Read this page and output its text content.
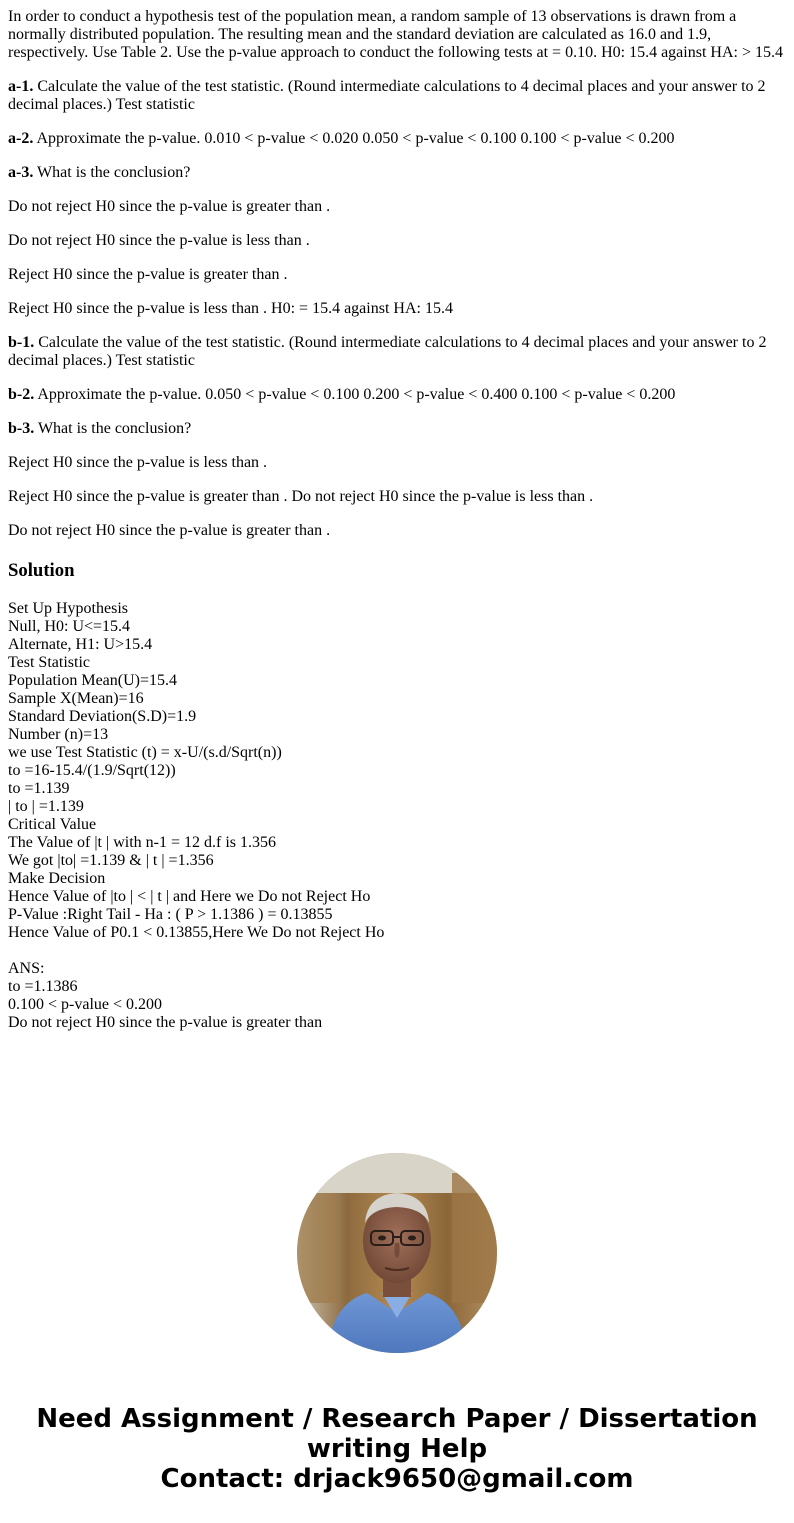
In order to conduct a hypothesis test of the population mean, a random sample of 13 observations is drawn from a normally distributed population. The resulting mean and the standard deviation are calculated as 16.0 and 1.9, respectively. Use Table 2. Use the p-value approach to conduct the following tests at = 0.10. H0: 15.4 against HA: > 15.4

a-1. Calculate the value of the test statistic. (Round intermediate calculations to 4 decimal places and your answer to 2 decimal places.) Test statistic

a-2. Approximate the p-value. 0.010 < p-value < 0.020 0.050 < p-value < 0.100 0.100 < p-value < 0.200

a-3. What is the conclusion?

Do not reject H0 since the p-value is greater than .

Do not reject H0 since the p-value is less than .

Reject H0 since the p-value is greater than .

Reject H0 since the p-value is less than . H0: = 15.4 against HA: 15.4

b-1. Calculate the value of the test statistic. (Round intermediate calculations to 4 decimal places and your answer to 2 decimal places.) Test statistic

b-2. Approximate the p-value. 0.050 < p-value < 0.100 0.200 < p-value < 0.400 0.100 < p-value < 0.200

b-3. What is the conclusion?

Reject H0 since the p-value is less than .

Reject H0 since the p-value is greater than . Do not reject H0 since the p-value is less than .

Do not reject H0 since the p-value is greater than .

Solution
Set Up Hypothesis
Null, H0: U<=15.4
Alternate, H1: U>15.4
Test Statistic
Population Mean(U)=15.4
Sample X(Mean)=16
Standard Deviation(S.D)=1.9
Number (n)=13
we use Test Statistic (t) = x-U/(s.d/Sqrt(n))
to =16-15.4/(1.9/Sqrt(12))
to =1.139
| to | =1.139
Critical Value
The Value of |t | with n-1 = 12 d.f is 1.356
We got |to| =1.139 & | t | =1.356
Make Decision
Hence Value of |to | < | t | and Here we Do not Reject Ho
P-Value :Right Tail - Ha : ( P > 1.1386 ) = 0.13855
Hence Value of P0.1 < 0.13855,Here We Do not Reject Ho
ANS:
to =1.1386
0.100 < p-value < 0.200
Do not reject H0 since the p-value is greater than
Need Assignment / Research Paper / Dissertation
writing Help
Contact: drjack9650@gmail.com
